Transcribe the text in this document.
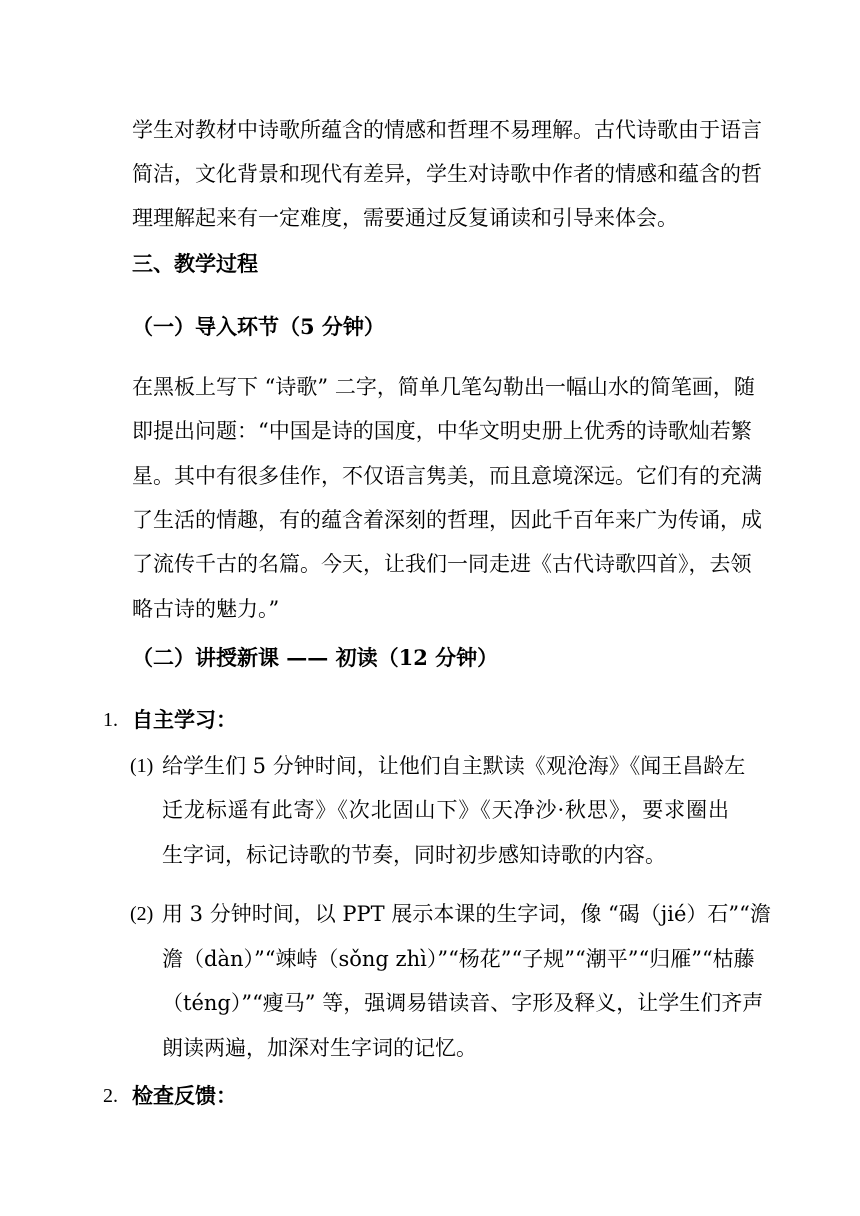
学生对教材中诗歌所蕴含的情感和哲理不易理解。古代诗歌由于语言
简洁，文化背景和现代有差异，学生对诗歌中作者的情感和蕴含的哲
理理解起来有一定难度，需要通过反复诵读和引导来体会。
三、教学过程
（一）导入环节（5 分钟）
在黑板上写下 “诗歌” 二字，简单几笔勾勒出一幅山水的简笔画，随
即提出问题：“中国是诗的国度，中华文明史册上优秀的诗歌灿若繁
星。其中有很多佳作，不仅语言隽美，而且意境深远。它们有的充满
了生活的情趣，有的蕴含着深刻的哲理，因此千百年来广为传诵，成
了流传千古的名篇。今天，让我们一同走进《古代诗歌四首》，去领
略古诗的魅力。”
（二）讲授新课 —— 初读（12 分钟）
1. 自主学习：
(1) 给学生们 5 分钟时间，让他们自主默读《观沧海》《闻王昌龄左
迁龙标遥有此寄》《次北固山下》《天净沙·秋思》，要求圈出
生字词，标记诗歌的节奏，同时初步感知诗歌的内容。
(2) 用 3 分钟时间，以 PPT 展示本课的生字词，像 “碣（jié）石”“澹
澹（dàn）”“竦峙（sǒng zhì）”“杨花”“子规”“潮平”“归雁”“枯藤
（téng）”“瘦马” 等，强调易错读音、字形及释义，让学生们齐声
朗读两遍，加深对生字词的记忆。
2. 检查反馈：
